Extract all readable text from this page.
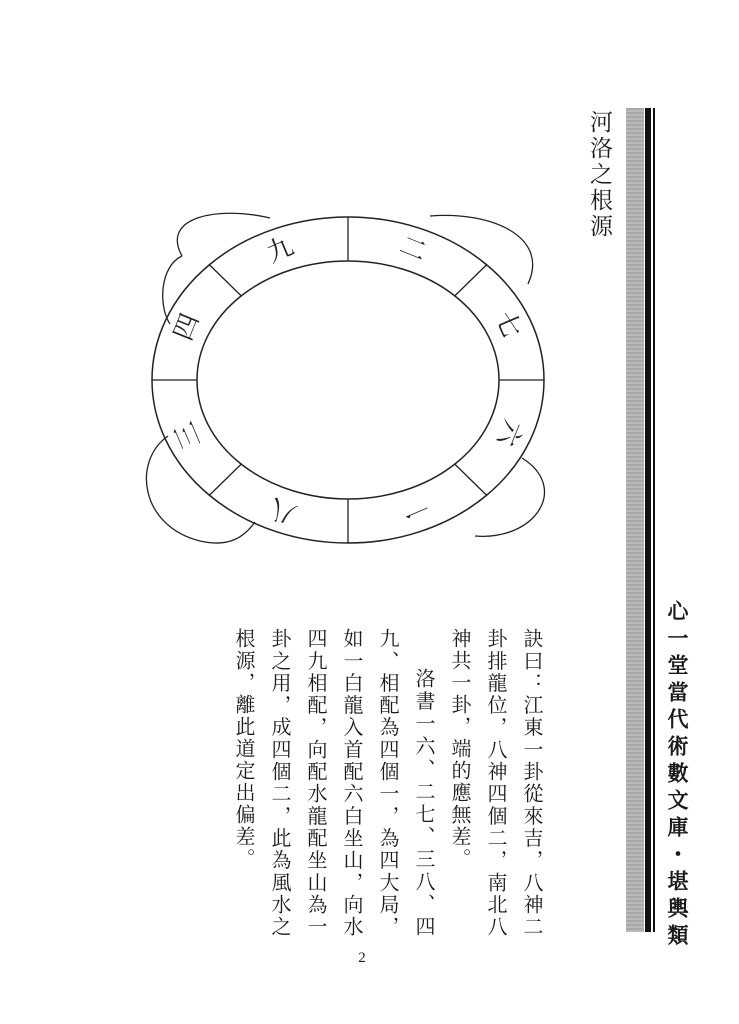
心一堂當代術數文庫・堪輿類
河洛之根源
二
七
六
一
八
三
四
九

訣曰：江東一卦從來吉，八神二卦排龍位，八神四個二，南北八神共一卦，端的應無差。

洛書一六、二七、三八、四九、相配為四個一，為四大局，如一白龍入首配六白坐山，向水四九相配，向配水龍配坐山為一卦之用，成四個二，此為風水之根源，離此道定出偏差。

2
